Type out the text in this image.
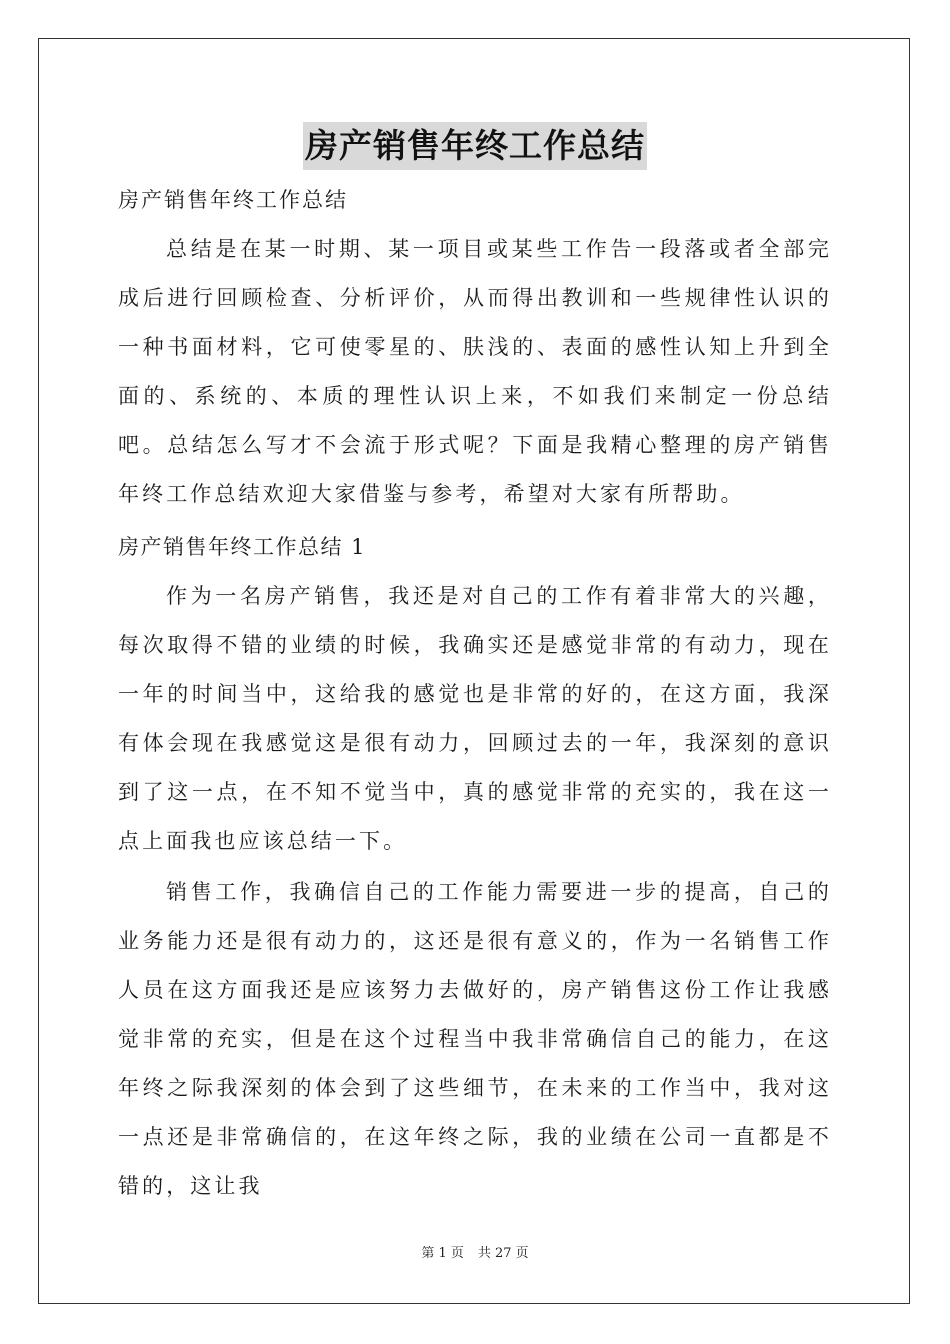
房产销售年终工作总结

房产销售年终工作总结

总结是在某一时期、某一项目或某些工作告一段落或者全部完成后进行回顾检查、分析评价，从而得出教训和一些规律性认识的一种书面材料，它可使零星的、肤浅的、表面的感性认知上升到全面的、系统的、本质的理性认识上来，不如我们来制定一份总结吧。总结怎么写才不会流于形式呢？下面是我精心整理的房产销售年终工作总结欢迎大家借鉴与参考，希望对大家有所帮助。

房产销售年终工作总结 1

作为一名房产销售，我还是对自己的工作有着非常大的兴趣，每次取得不错的业绩的时候，我确实还是感觉非常的有动力，现在一年的时间当中，这给我的感觉也是非常的好的，在这方面，我深有体会现在我感觉这是很有动力，回顾过去的一年，我深刻的意识到了这一点，在不知不觉当中，真的感觉非常的充实的，我在这一点上面我也应该总结一下。

销售工作，我确信自己的工作能力需要进一步的提高，自己的业务能力还是很有动力的，这还是很有意义的，作为一名销售工作人员在这方面我还是应该努力去做好的，房产销售这份工作让我感觉非常的充实，但是在这个过程当中我非常确信自己的能力，在这年终之际我深刻的体会到了这些细节，在未来的工作当中，我对这一点还是非常确信的，在这年终之际，我的业绩在公司一直都是不错的，这让我

第 1 页 共 27 页
